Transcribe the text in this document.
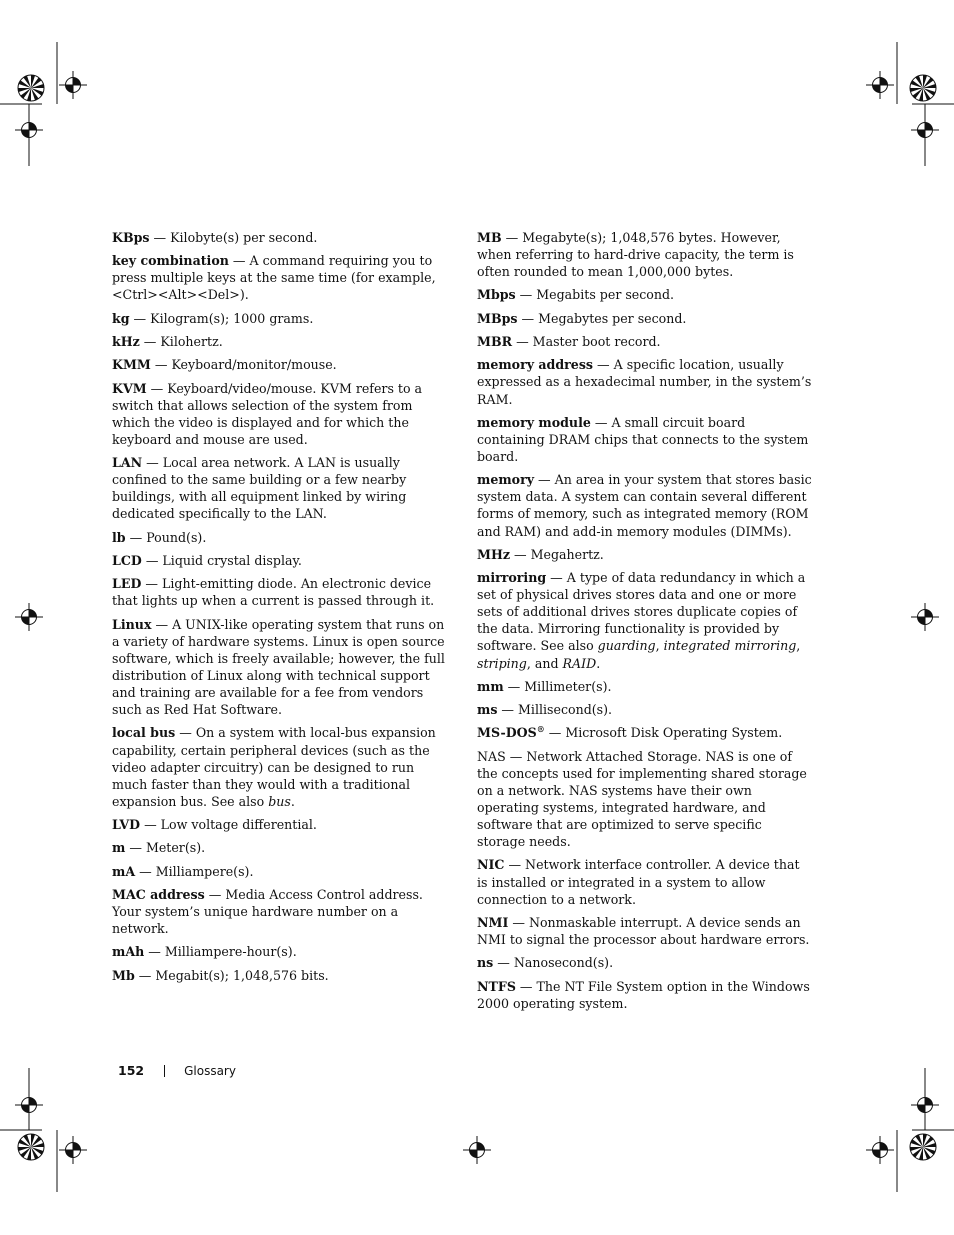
KBps — Kilobyte(s) per second.

key combination — A command requiring you to press multiple keys at the same time (for example, <Ctrl><Alt><Del>).

kg — Kilogram(s); 1000 grams.

kHz — Kilohertz.

KMM — Keyboard/monitor/mouse.

KVM — Keyboard/video/mouse. KVM refers to a switch that allows selection of the system from which the video is displayed and for which the keyboard and mouse are used.

LAN — Local area network. A LAN is usually confined to the same building or a few nearby buildings, with all equipment linked by wiring dedicated specifically to the LAN.

lb — Pound(s).

LCD — Liquid crystal display.

LED — Light-emitting diode. An electronic device that lights up when a current is passed through it.

Linux — A UNIX-like operating system that runs on a variety of hardware systems. Linux is open source software, which is freely available; however, the full distribution of Linux along with technical support and training are available for a fee from vendors such as Red Hat Software.

local bus — On a system with local-bus expansion capability, certain peripheral devices (such as the video adapter circuitry) can be designed to run much faster than they would with a traditional expansion bus. See also bus.

LVD — Low voltage differential.

m — Meter(s).

mA — Milliampere(s).

MAC address — Media Access Control address. Your system’s unique hardware number on a network.

mAh — Milliampere-hour(s).

Mb — Megabit(s); 1,048,576 bits.

MB — Megabyte(s); 1,048,576 bytes. However, when referring to hard-drive capacity, the term is often rounded to mean 1,000,000 bytes.

Mbps — Megabits per second.

MBps — Megabytes per second.

MBR — Master boot record.

memory address — A specific location, usually expressed as a hexadecimal number, in the system’s RAM.

memory module — A small circuit board containing DRAM chips that connects to the system board.

memory — An area in your system that stores basic system data. A system can contain several different forms of memory, such as integrated memory (ROM and RAM) and add-in memory modules (DIMMs).

MHz — Megahertz.

mirroring — A type of data redundancy in which a set of physical drives stores data and one or more sets of additional drives stores duplicate copies of the data. Mirroring functionality is provided by software. See also guarding, integrated mirroring, striping, and RAID.

mm — Millimeter(s).

ms — Millisecond(s).

MS-DOS® — Microsoft Disk Operating System.

NAS — Network Attached Storage. NAS is one of the concepts used for implementing shared storage on a network. NAS systems have their own operating systems, integrated hardware, and software that are optimized to serve specific storage needs.

NIC — Network interface controller. A device that is installed or integrated in a system to allow connection to a network.

NMI — Nonmaskable interrupt. A device sends an NMI to signal the processor about hardware errors.

ns — Nanosecond(s).

NTFS — The NT File System option in the Windows 2000 operating system.

152	Glossary
